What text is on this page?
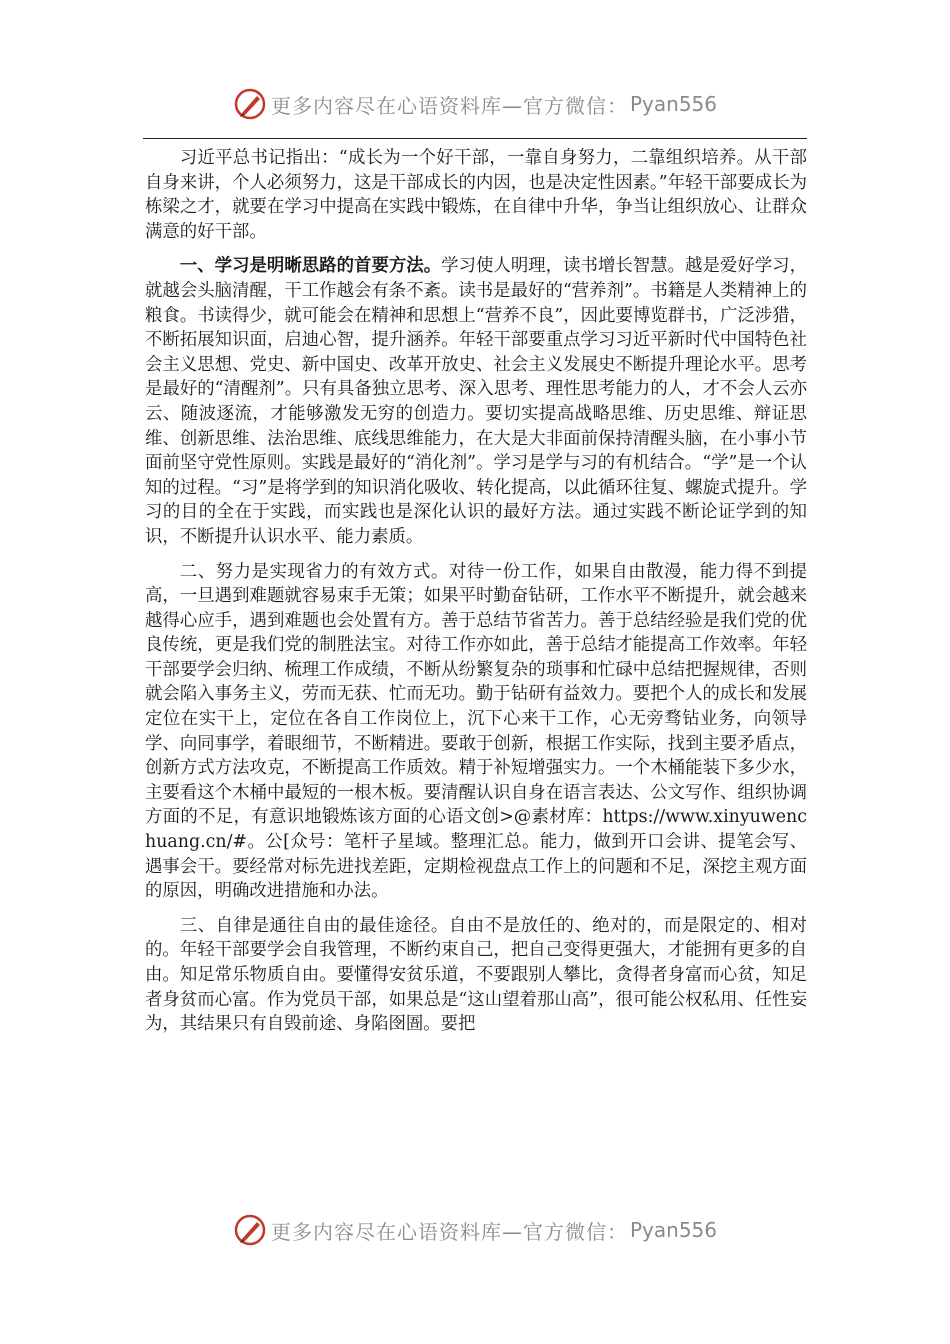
更多内容尽在心语资料库—官方微信： Pyan556

习近平总书记指出：“成长为一个好干部，一靠自身努力，二靠组织培养。从干部自身来讲，个人必须努力，这是干部成长的内因，也是决定性因素。”年轻干部要成长为栋梁之才，就要在学习中提高在实践中锻炼，在自律中升华，争当让组织放心、让群众满意的好干部。

一、学习是明晰思路的首要方法。学习使人明理，读书增长智慧。越是爱好学习，就越会头脑清醒，干工作越会有条不紊。读书是最好的“营养剂”。书籍是人类精神上的粮食。书读得少，就可能会在精神和思想上“营养不良”，因此要博览群书，广泛涉猎，不断拓展知识面，启迪心智，提升涵养。年轻干部要重点学习习近平新时代中国特色社会主义思想、党史、新中国史、改革开放史、社会主义发展史不断提升理论水平。思考是最好的“清醒剂”。只有具备独立思考、深入思考、理性思考能力的人，才不会人云亦云、随波逐流，才能够激发无穷的创造力。要切实提高战略思维、历史思维、辩证思维、创新思维、法治思维、底线思维能力，在大是大非面前保持清醒头脑，在小事小节面前坚守党性原则。实践是最好的“消化剂”。学习是学与习的有机结合。“学”是一个认知的过程。“习”是将学到的知识消化吸收、转化提高，以此循环往复、螺旋式提升。学习的目的全在于实践，而实践也是深化认识的最好方法。通过实践不断论证学到的知识，不断提升认识水平、能力素质。

二、努力是实现省力的有效方式。对待一份工作，如果自由散漫，能力得不到提高，一旦遇到难题就容易束手无策；如果平时勤奋钻研，工作水平不断提升，就会越来越得心应手，遇到难题也会处置有方。善于总结节省苦力。善于总结经验是我们党的优良传统，更是我们党的制胜法宝。对待工作亦如此，善于总结才能提高工作效率。年轻干部要学会归纳、梳理工作成绩，不断从纷繁复杂的琐事和忙碌中总结把握规律，否则就会陷入事务主义，劳而无获、忙而无功。勤于钻研有益效力。要把个人的成长和发展定位在实干上，定位在各自工作岗位上，沉下心来干工作，心无旁骛钻业务，向领导学、向同事学，着眼细节，不断精进。要敢于创新，根据工作实际，找到主要矛盾点，创新方式方法攻克，不断提高工作质效。精于补短增强实力。一个木桶能装下多少水，主要看这个木桶中最短的一根木板。要清醒认识自身在语言表达、公文写作、组织协调方面的不足，有意识地锻炼该方面的心语文创>@素材库：https://www.xinyuwenchuang.cn/#。公[众号：笔杆子星域。整理汇总。能力，做到开口会讲、提笔会写、遇事会干。要经常对标先进找差距，定期检视盘点工作上的问题和不足，深挖主观方面的原因，明确改进措施和办法。

三、自律是通往自由的最佳途径。自由不是放任的、绝对的，而是限定的、相对的。年轻干部要学会自我管理，不断约束自己，把自己变得更强大，才能拥有更多的自由。知足常乐物质自由。要懂得安贫乐道，不要跟别人攀比，贪得者身富而心贫，知足者身贫而心富。作为党员干部，如果总是“这山望着那山高”，很可能公权私用、任性妄为，其结果只有自毁前途、身陷囹圄。要把

更多内容尽在心语资料库—官方微信： Pyan556
